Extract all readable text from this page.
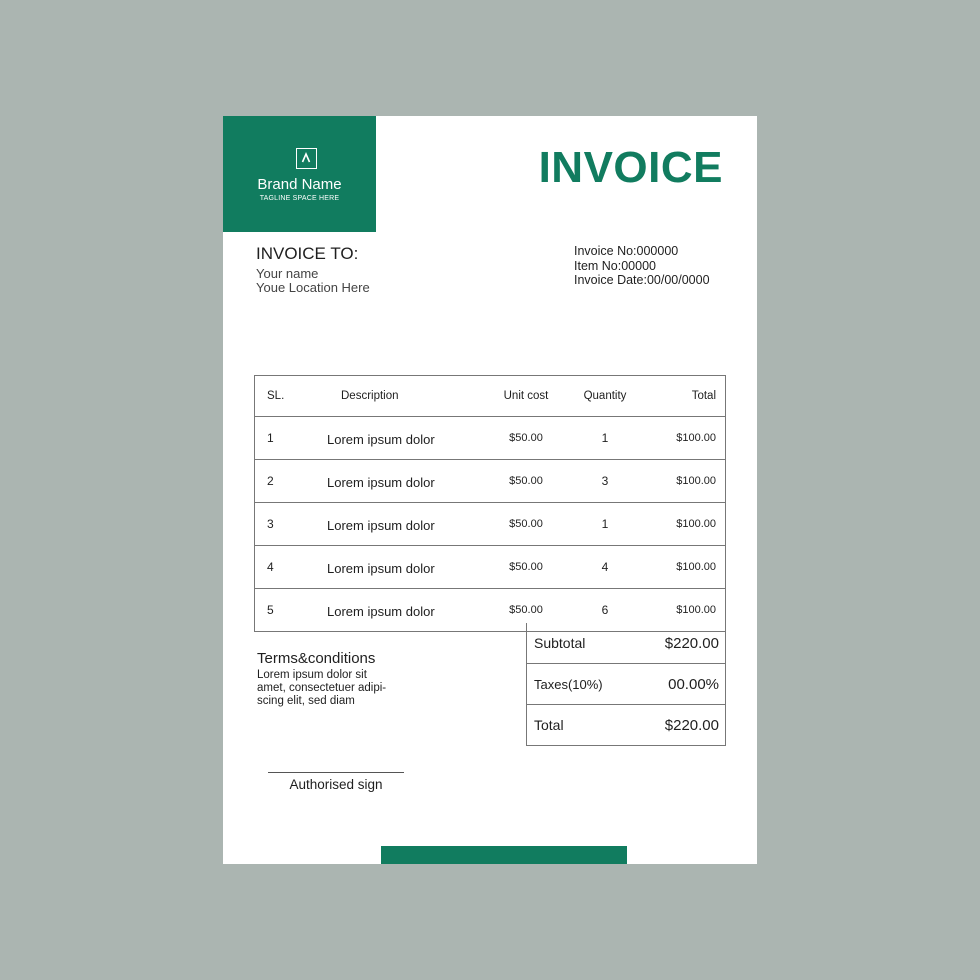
Brand Name
TAGLINE SPACE HERE
INVOICE
INVOICE TO:
Your name
Youe Location Here
Invoice No:000000
Item No:00000
Invoice Date:00/00/0000
SL.	Description	Unit cost	Quantity	Total
1	Lorem ipsum dolor	$50.00	1	$100.00
2	Lorem ipsum dolor	$50.00	3	$100.00
3	Lorem ipsum dolor	$50.00	1	$100.00
4	Lorem ipsum dolor	$50.00	4	$100.00
5	Lorem ipsum dolor	$50.00	6	$100.00
Subtotal	$220.00
Taxes(10%)	00.00%
Total	$220.00
Terms&conditions
Lorem ipsum dolor sit
amet, consectetuer adipi-
scing elit, sed diam
Authorised sign
